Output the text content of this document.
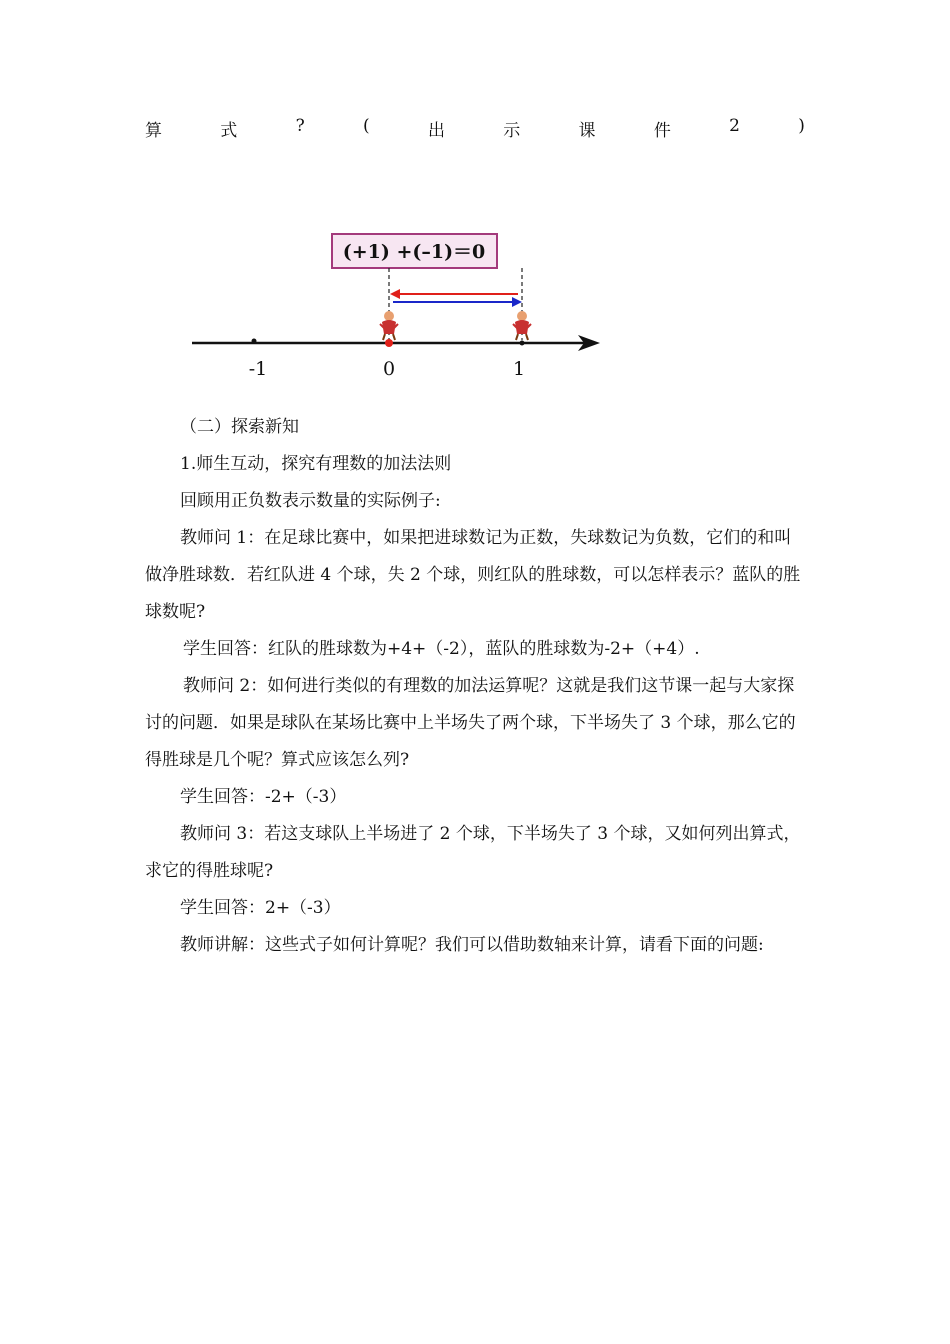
算	式	?	(	出	示	课	件	2	)
(+1) +(–1)＝0
-1	0	1

（二）探索新知

1.师生互动，探究有理数的加法法则

回顾用正负数表示数量的实际例子:

教师问 1：在足球比赛中，如果把进球数记为正数，失球数记为负数，它们的和叫做净胜球数．若红队进 4 个球，失 2 个球，则红队的胜球数，可以怎样表示？蓝队的胜球数呢?

学生回答：红队的胜球数为+4+（-2），蓝队的胜球数为-2+（+4）.

教师问 2：如何进行类似的有理数的加法运算呢？这就是我们这节课一起与大家探讨的问题．如果是球队在某场比赛中上半场失了两个球，下半场失了 3 个球，那么它的得胜球是几个呢？算式应该怎么列?

学生回答：-2+（-3）

教师问 3：若这支球队上半场进了 2 个球，下半场失了 3 个球，又如何列出算式，求它的得胜球呢?

学生回答：2+（-3）

教师讲解：这些式子如何计算呢？我们可以借助数轴来计算，请看下面的问题:
